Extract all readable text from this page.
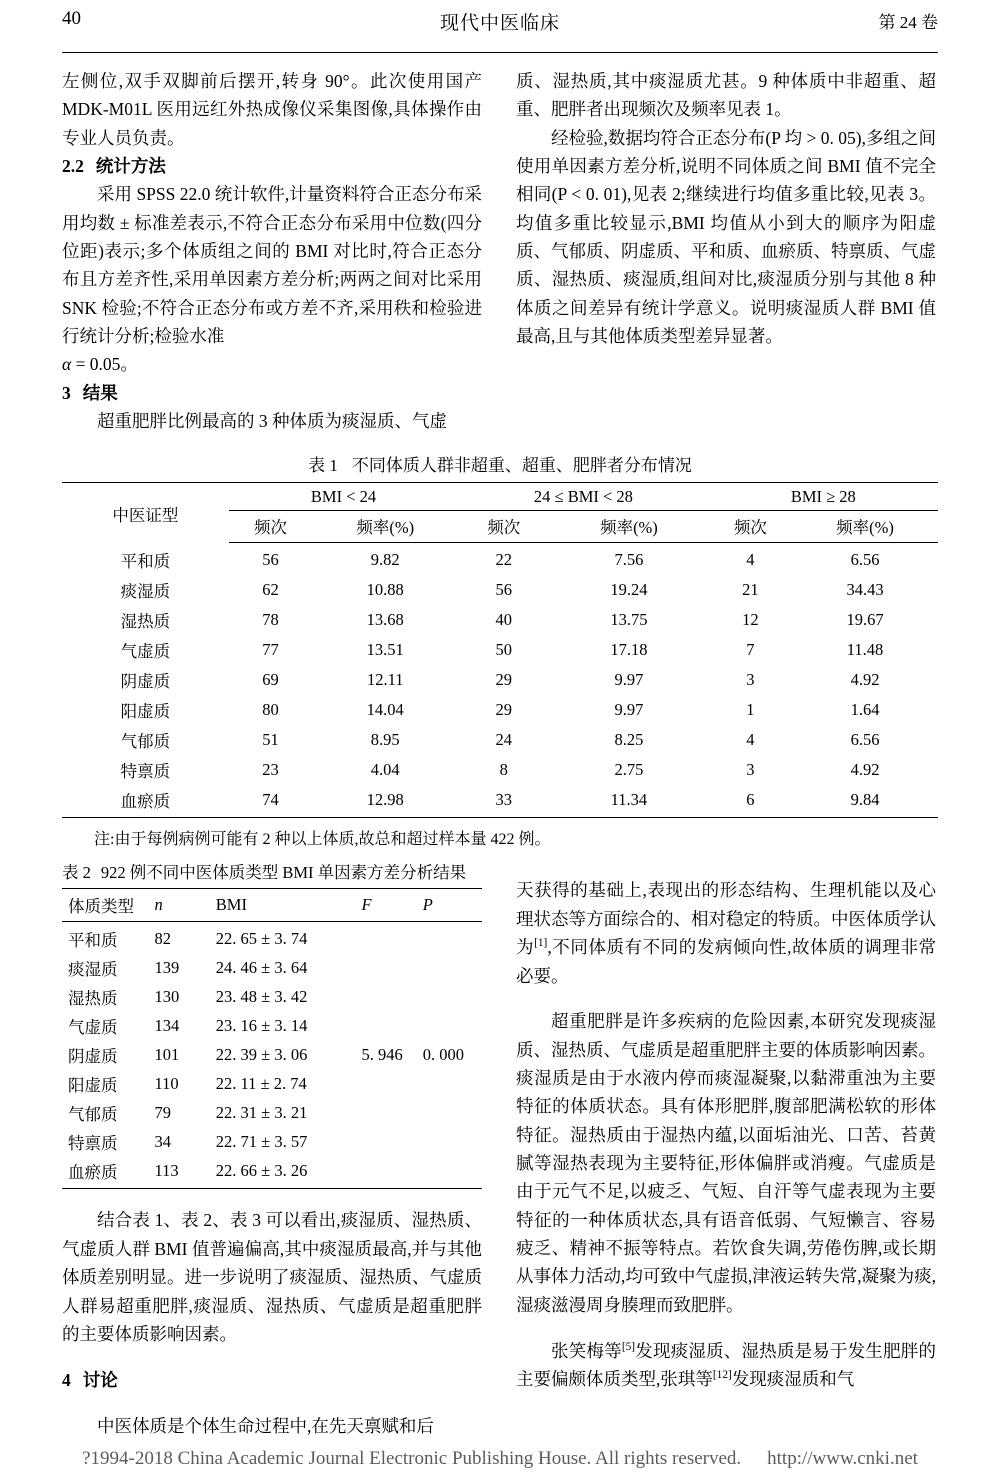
40	现代中医临床	第 24 卷

左侧位,双手双脚前后摆开,转身 90°。此次使用国产 MDK-M01L 医用远红外热成像仪采集图像,具体操作由专业人员负责。

2.2 统计方法

采用 SPSS 22.0 统计软件,计量资料符合正态分布采用均数 ± 标准差表示,不符合正态分布采用中位数(四分位距)表示;多个体质组之间的 BMI 对比时,符合正态分布且方差齐性,采用单因素方差分析;两两之间对比采用 SNK 检验;不符合正态分布或方差不齐,采用秩和检验进行统计分析;检验水准

α = 0.05。

3 结果

超重肥胖比例最高的 3 种体质为痰湿质、气虚

质、湿热质,其中痰湿质尤甚。9 种体质中非超重、超重、肥胖者出现频次及频率见表 1。

经检验,数据均符合正态分布(P 均 > 0. 05),多组之间使用单因素方差分析,说明不同体质之间 BMI 值不完全相同(P < 0. 01),见表 2;继续进行均值多重比较,见表 3。均值多重比较显示,BMI 均值从小到大的顺序为阳虚质、气郁质、阴虚质、平和质、血瘀质、特禀质、气虚质、湿热质、痰湿质,组间对比,痰湿质分别与其他 8 种体质之间差异有统计学意义。说明痰湿质人群 BMI 值最高,且与其他体质类型差异显著。

表 1 不同体质人群非超重、超重、肥胖者分布情况
中医证型	BMI < 24		24 ≤ BMI < 28		BMI ≥ 28	
	频次	频率(%)	频次	频率(%)	频次	频率(%)
平和质	56	9.82	22	7.56	4	6.56
痰湿质	62	10.88	56	19.24	21	34.43
湿热质	78	13.68	40	13.75	12	19.67
气虚质	77	13.51	50	17.18	7	11.48
阴虚质	69	12.11	29	9.97	3	4.92
阳虚质	80	14.04	29	9.97	1	1.64
气郁质	51	8.95	24	8.25	4	6.56
特禀质	23	4.04	8	2.75	3	4.92
血瘀质	74	12.98	33	11.34	6	9.84
注:由于每例病例可能有 2 种以上体质,故总和超过样本量 422 例。
表 2 922 例不同中医体质类型 BMI 单因素方差分析结果
体质类型	n	BMI	F	P
平和质	82	22. 65 ± 3. 74		
痰湿质	139	24. 46 ± 3. 64		
湿热质	130	23. 48 ± 3. 42		
气虚质	134	23. 16 ± 3. 14		
阴虚质	101	22. 39 ± 3. 06	5. 946	0. 000
阳虚质	110	22. 11 ± 2. 74		
气郁质	79	22. 31 ± 3. 21		
特禀质	34	22. 71 ± 3. 57		
血瘀质	113	22. 66 ± 3. 26		

结合表 1、表 2、表 3 可以看出,痰湿质、湿热质、气虚质人群 BMI 值普遍偏高,其中痰湿质最高,并与其他体质差别明显。进一步说明了痰湿质、湿热质、气虚质人群易超重肥胖,痰湿质、湿热质、气虚质是超重肥胖的主要体质影响因素。

4 讨论

中医体质是个体生命过程中,在先天禀赋和后

天获得的基础上,表现出的形态结构、生理机能以及心理状态等方面综合的、相对稳定的特质。中医体质学认为[1],不同体质有不同的发病倾向性,故体质的调理非常必要。

超重肥胖是许多疾病的危险因素,本研究发现痰湿质、湿热质、气虚质是超重肥胖主要的体质影响因素。痰湿质是由于水液内停而痰湿凝聚,以黏滞重浊为主要特征的体质状态。具有体形肥胖,腹部肥满松软的形体特征。湿热质由于湿热内蕴,以面垢油光、口苦、苔黄腻等湿热表现为主要特征,形体偏胖或消瘦。气虚质是由于元气不足,以疲乏、气短、自汗等气虚表现为主要特征的一种体质状态,具有语音低弱、气短懒言、容易疲乏、精神不振等特点。若饮食失调,劳倦伤脾,或长期从事体力活动,均可致中气虚损,津液运转失常,凝聚为痰,湿痰滋漫周身腠理而致肥胖。

张笑梅等[5]发现痰湿质、湿热质是易于发生肥胖的主要偏颇体质类型,张琪等[12]发现痰湿质和气

?1994-2018 China Academic Journal Electronic Publishing House. All rights reserved. http://www.cnki.net
